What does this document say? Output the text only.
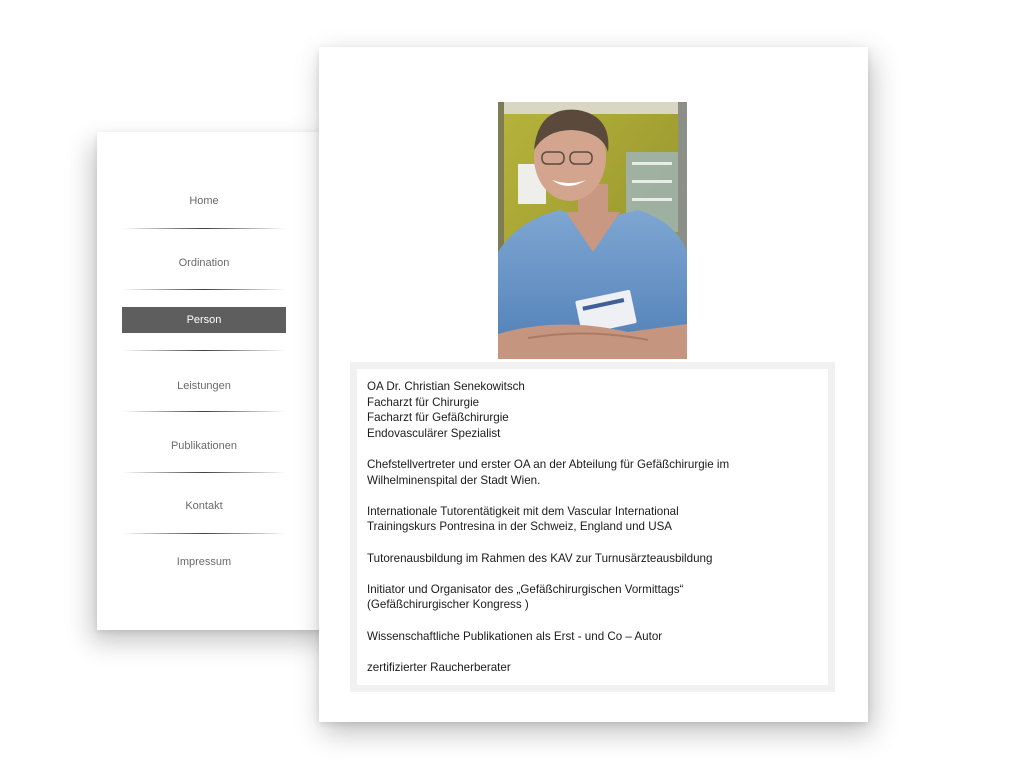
Home
Ordination
Person
Leistungen
Publikationen
Kontakt
Impressum
OA Dr. Christian Senekowitsch
Facharzt für Chirurgie
Facharzt für Gefäßchirurgie
Endovasculärer Spezialist
Chefstellvertreter und erster OA an der Abteilung für Gefäßchirurgie im
Wilhelminenspital der Stadt Wien.
Internationale Tutorentätigkeit mit dem Vascular International
Trainingskurs Pontresina in der Schweiz, England und USA
Tutorenausbildung im Rahmen des KAV zur Turnusärzteausbildung
Initiator und Organisator des „Gefäßchirurgischen Vormittags“
(Gefäßchirurgischer Kongress )
Wissenschaftliche Publikationen als Erst - und Co – Autor
zertifizierter Raucherberater
